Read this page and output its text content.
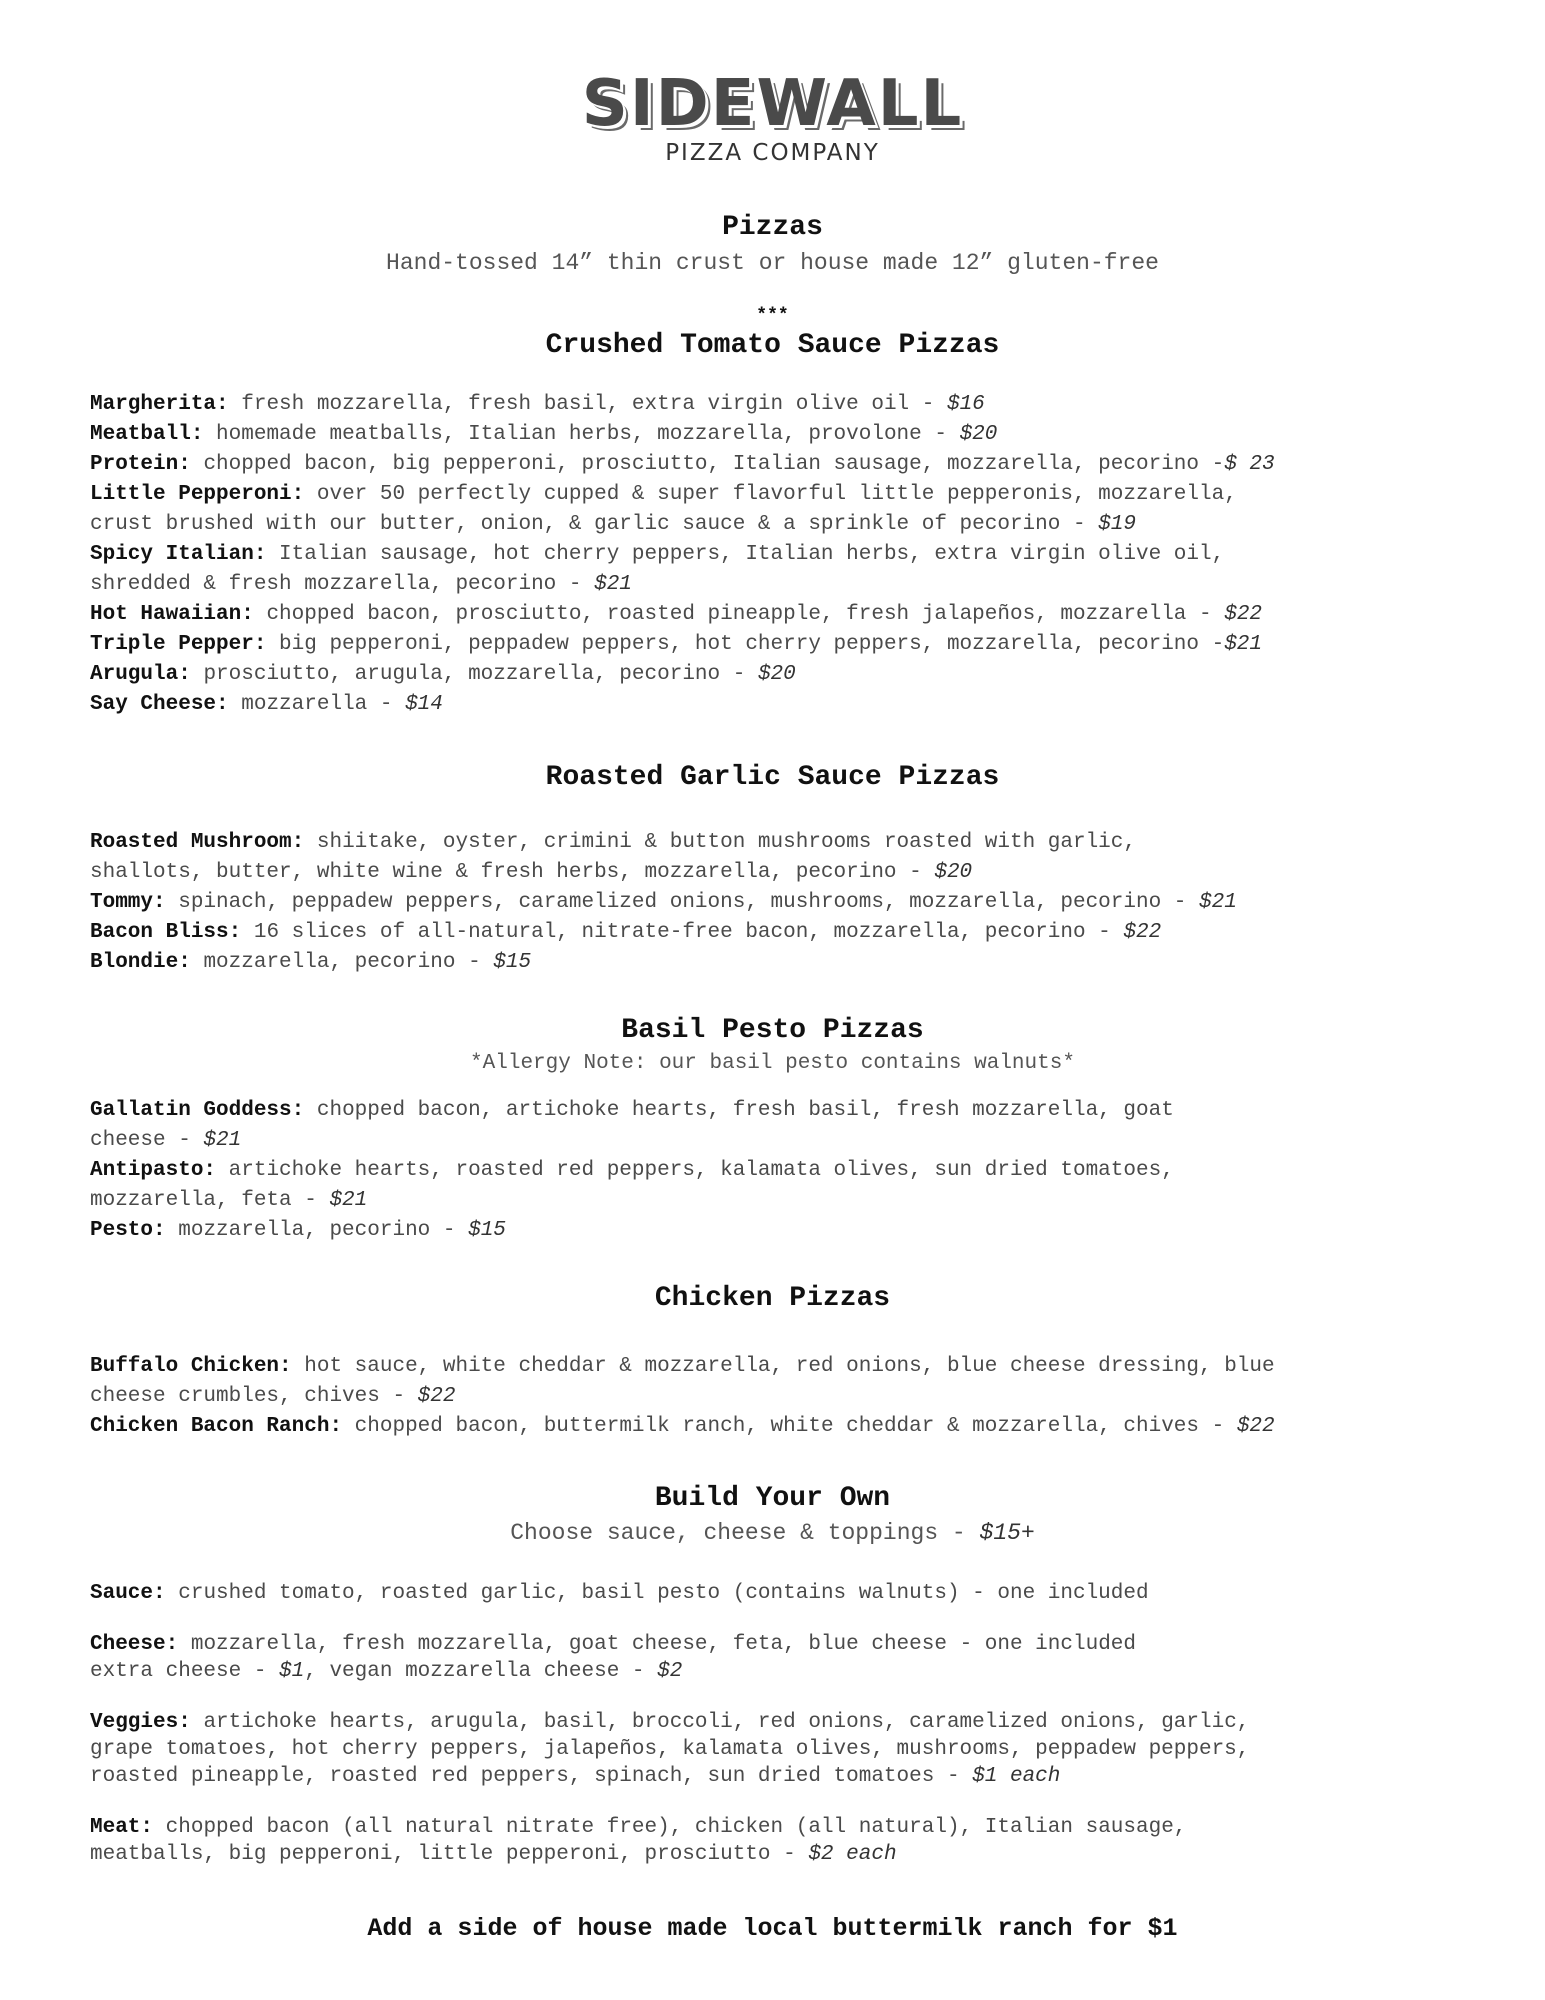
SIDEWALL
PIZZA COMPANY
Pizzas
Hand-tossed 14” thin crust or house made 12” gluten-free
***
Crushed Tomato Sauce Pizzas
Margherita: fresh mozzarella, fresh basil, extra virgin olive oil - $16
Meatball: homemade meatballs, Italian herbs, mozzarella, provolone - $20
Protein: chopped bacon, big pepperoni, prosciutto, Italian sausage, mozzarella, pecorino -$ 23
Little Pepperoni: over 50 perfectly cupped & super flavorful little pepperonis, mozzarella,
crust brushed with our butter, onion, & garlic sauce & a sprinkle of pecorino - $19
Spicy Italian: Italian sausage, hot cherry peppers, Italian herbs, extra virgin olive oil,
shredded & fresh mozzarella, pecorino - $21
Hot Hawaiian: chopped bacon, prosciutto, roasted pineapple, fresh jalapeños, mozzarella - $22
Triple Pepper: big pepperoni, peppadew peppers, hot cherry peppers, mozzarella, pecorino -$21
Arugula: prosciutto, arugula, mozzarella, pecorino - $20
Say Cheese: mozzarella - $14
Roasted Garlic Sauce Pizzas
Roasted Mushroom: shiitake, oyster, crimini & button mushrooms roasted with garlic,
shallots, butter, white wine & fresh herbs, mozzarella, pecorino - $20
Tommy: spinach, peppadew peppers, caramelized onions, mushrooms, mozzarella, pecorino - $21
Bacon Bliss: 16 slices of all-natural, nitrate-free bacon, mozzarella, pecorino - $22
Blondie: mozzarella, pecorino - $15
Basil Pesto Pizzas
*Allergy Note: our basil pesto contains walnuts*
Gallatin Goddess: chopped bacon, artichoke hearts, fresh basil, fresh mozzarella, goat
cheese - $21
Antipasto: artichoke hearts, roasted red peppers, kalamata olives, sun dried tomatoes,
mozzarella, feta - $21
Pesto: mozzarella, pecorino - $15
Chicken Pizzas
Buffalo Chicken: hot sauce, white cheddar & mozzarella, red onions, blue cheese dressing, blue
cheese crumbles, chives - $22
Chicken Bacon Ranch: chopped bacon, buttermilk ranch, white cheddar & mozzarella, chives - $22
Build Your Own
Choose sauce, cheese & toppings - $15+
Sauce: crushed tomato, roasted garlic, basil pesto (contains walnuts) - one included
Cheese: mozzarella, fresh mozzarella, goat cheese, feta, blue cheese - one included
extra cheese - $1, vegan mozzarella cheese - $2
Veggies: artichoke hearts, arugula, basil, broccoli, red onions, caramelized onions, garlic,
grape tomatoes, hot cherry peppers, jalapeños, kalamata olives, mushrooms, peppadew peppers,
roasted pineapple, roasted red peppers, spinach, sun dried tomatoes - $1 each
Meat: chopped bacon (all natural nitrate free), chicken (all natural), Italian sausage,
meatballs, big pepperoni, little pepperoni, prosciutto - $2 each
Add a side of house made local buttermilk ranch for $1
